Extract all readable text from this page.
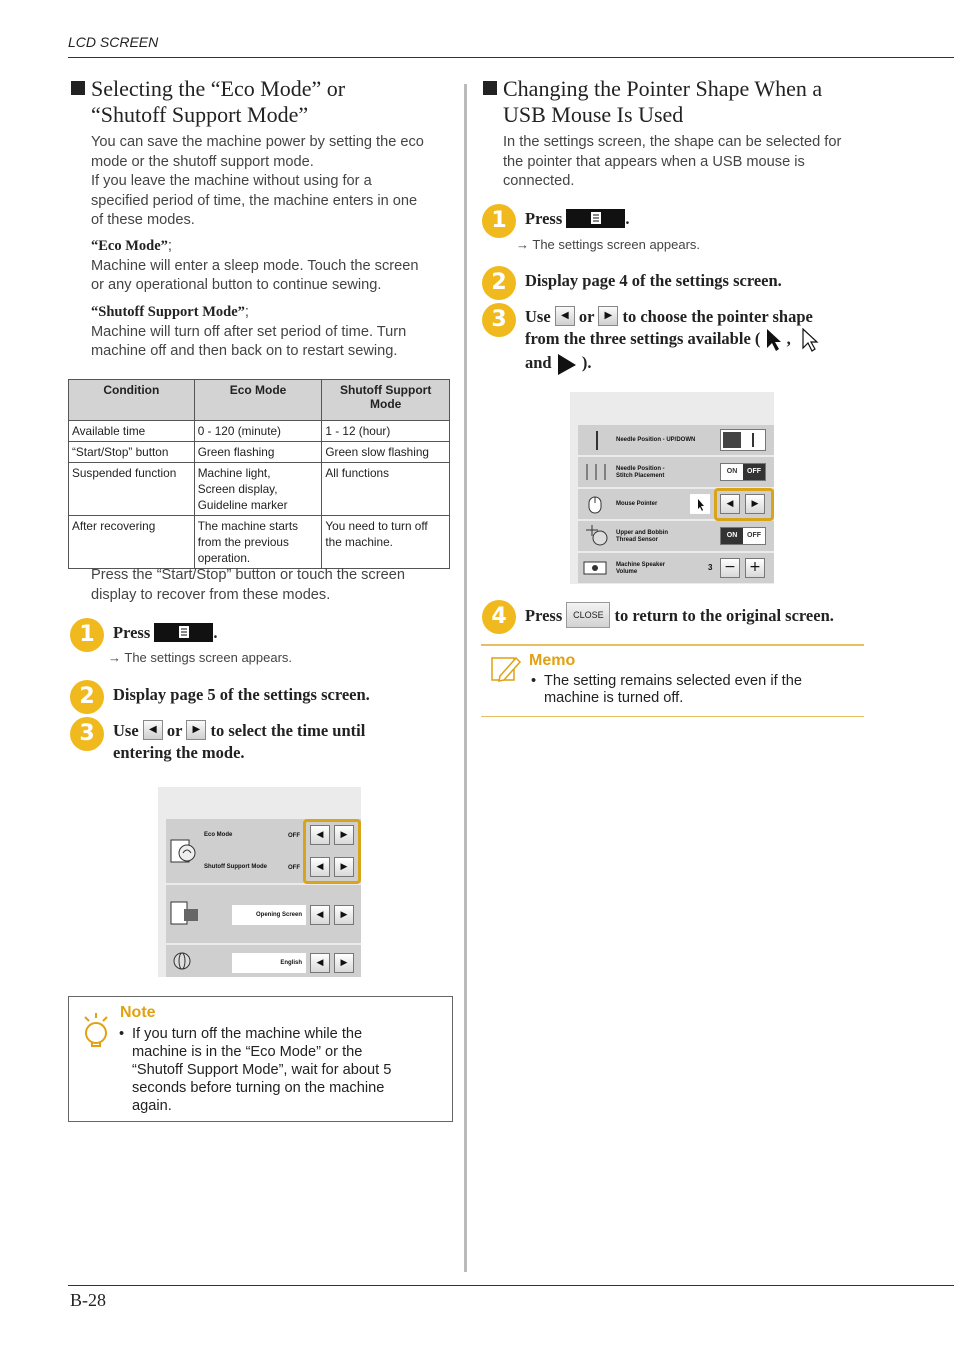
LCD SCREEN
B-28
Selecting the “Eco Mode” or
“Shutoff Support Mode”

You can save the machine power by setting the eco

mode or the shutoff support mode.

If you leave the machine without using for a

specified period of time, the machine enters in one

of these modes.

“Eco Mode”;

Machine will enter a sleep mode. Touch the screen

or any operational button to continue sewing.

“Shutoff Support Mode”;

Machine will turn off after set period of time. Turn

machine off and then back on to restart sewing.

Condition	Eco Mode	Shutoff Support Mode
Available time	0 - 120 (minute)	1 - 12 (hour)
“Start/Stop” button	Green flashing	Green slow flashing
Suspended function	Machine light,
Screen display,
Guideline marker	All functions
After recovering	The machine starts
from the previous
operation.	You need to turn off
the machine.

Press the “Start/Stop” button or touch the screen

display to recover from these modes.

1	Press	.
→ The settings screen appears.
2	Display page 5 of the settings screen.
3	Use ◀ or ▶ to select the time until
entering the mode.
Eco Mode	OFF
Shutoff Support Mode	OFF
◀	▶
◀	▶
Opening Screen	◀	▶
English	◀	▶
Note
• If you turn off the machine while the
machine is in the “Eco Mode” or the
“Shutoff Support Mode”, wait for about 5
seconds before turning on the machine
again.
Changing the Pointer Shape When a
USB Mouse Is Used

In the settings screen, the shape can be selected for

the pointer that appears when a USB mouse is

connected.

1	Press	.
→ The settings screen appears.
2	Display page 4 of the settings screen.
3	Use ◀ or ▶ to choose the pointer shape
from the three settings available ( ,
and ).
Needle Position - UP/DOWN
Needle Position -
Stitch Placement
ON OFF
Mouse Pointer	◀	▶
Upper and Bobbin
Thread Sensor
ON OFF
Machine Speaker
Volume	3 − +
4	Press CLOSE to return to the original screen.
Memo
• The setting remains selected even if the
machine is turned off.
